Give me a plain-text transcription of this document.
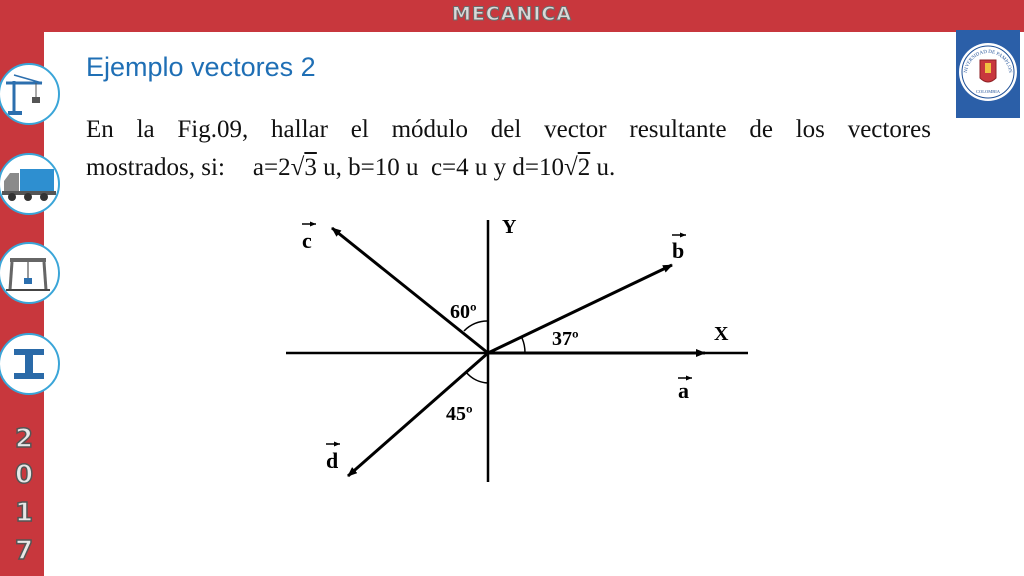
MECANICA
2
0
1
7
Ejemplo vectores 2	NIVERSIDAD DE PAMPLON
COLOMBIA
En la Fig.09, hallar el módulo del vector resultante de los vectores
mostrados, si: a=2√3 u, b=10 u  c=4 u y d=10√2 u.
Y
X
37º
60º
45º
a
b
c
d
